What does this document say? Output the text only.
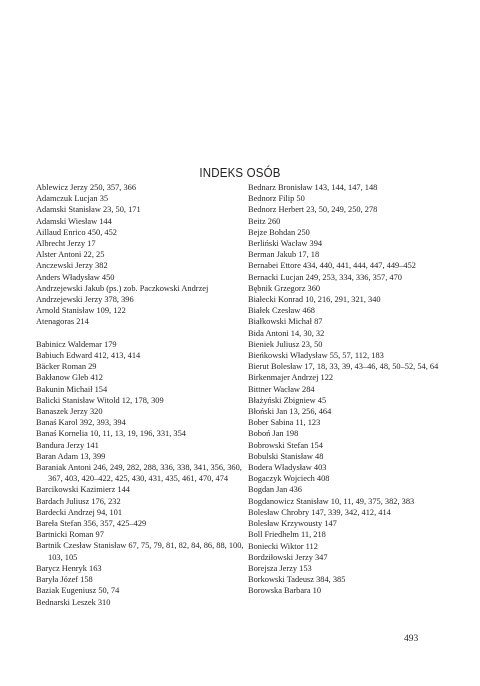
INDEKS OSÓB
Ablewicz Jerzy 250, 357, 366
Adamczuk Lucjan 35
Adamski Stanisław 23, 50, 171
Adamski Wiesław 144
Aillaud Enrico 450, 452
Albrecht Jerzy 17
Alster Antoni 22, 25
Anczewski Jerzy 382
Anders Władysław 450
Andrzejewski Jakub (ps.) zob. Paczkowski Andrzej
Andrzejewski Jerzy 378, 396
Arnold Stanisław 109, 122
Atenagoras 214
Babinicz Waldemar 179
Babiuch Edward 412, 413, 414
Bäcker Roman 29
Bakłanow Gleb 412
Bakunin Michaił 154
Balicki Stanisław Witold 12, 178, 309
Banaszek Jerzy 320
Banaś Karol 392, 393, 394
Banaś Kornelia 10, 11, 13, 19, 196, 331, 354
Bandura Jerzy 141
Baran Adam 13, 399
Baraniak Antoni 246, 249, 282, 288, 336, 338, 341, 356, 360, 367, 403, 420–422, 425, 430, 431, 435, 461, 470, 474
Barcikowski Kazimierz 144
Bardach Juliusz 176, 232
Bardecki Andrzej 94, 101
Bareła Stefan 356, 357, 425–429
Bartnicki Roman 97
Bartnik Czesław Stanisław 67, 75, 79, 81, 82, 84, 86, 88, 100, 103, 105
Barycz Henryk 163
Baryła Józef 158
Baziak Eugeniusz 50, 74
Bednarski Leszek 310
Bednarz Bronisław 143, 144, 147, 148
Bednorz Filip 50
Bednorz Herbert 23, 50, 249, 250, 278
Beitz 260
Bejze Bohdan 250
Berliński Wacław 394
Berman Jakub 17, 18
Bernabei Ettore 434, 440, 441, 444, 447, 449–452
Bernacki Lucjan 249, 253, 334, 336, 357, 470
Bębnik Grzegorz 360
Białecki Konrad 10, 216, 291, 321, 340
Białek Czesław 468
Białkowski Michał 87
Bida Antoni 14, 30, 32
Bieniek Juliusz 23, 50
Bieńkowski Władysław 55, 57, 112, 183
Bierut Bolesław 17, 18, 33, 39, 43–46, 48, 50–52, 54, 64
Birkenmajer Andrzej 122
Bittner Wacław 284
Błażyński Zbigniew 45
Błoński Jan 13, 256, 464
Bober Sabina 11, 123
Boboń Jan 198
Bobrowski Stefan 154
Bobulski Stanisław 48
Bodera Władysław 403
Bogaczyk Wojciech 408
Bogdan Jan 436
Bogdanowicz Stanisław 10, 11, 49, 375, 382, 383
Bolesław Chrobry 147, 339, 342, 412, 414
Bolesław Krzywousty 147
Boll Friedhelm 11, 218
Boniecki Wiktor 112
Bordziłowski Jerzy 347
Borejsza Jerzy 153
Borkowski Tadeusz 384, 385
Borowska Barbara 10
493
